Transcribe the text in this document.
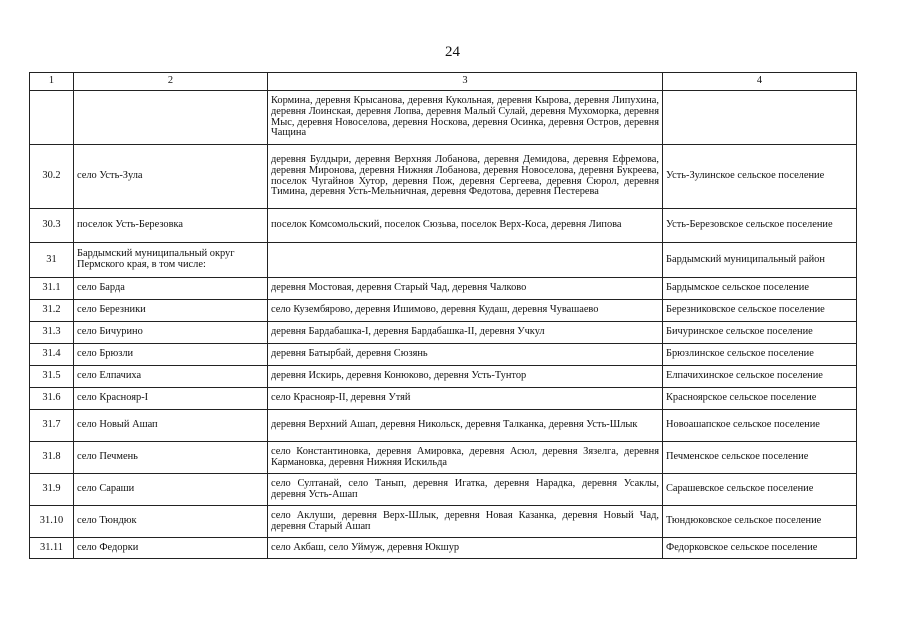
24
1	2	3	4
		Кормина, деревня Крысанова, деревня Кукольная, деревня Кырова, деревня Липухина, деревня Лоинская, деревня Лопва, деревня Малый Сулай, деревня Мухоморка, деревня Мыс, деревня Новоселова, деревня Носкова, деревня Осинка, деревня Остров, деревня Чащина	
30.2	село Усть-Зула	деревня Булдыри, деревня Верхняя Лобанова, деревня Демидова, деревня Ефремова, деревня Миронова, деревня Нижняя Лобанова, деревня Новоселова, деревня Букреева, поселок Чугайнов Хутор, деревня Пож, деревня Сергеева, деревня Сюрол, деревня Тимина, деревня Усть-Мельничная, деревня Федотова, деревня Пестерева	Усть-Зулинское сельское поселение
30.3	поселок Усть-Березовка	поселок Комсомольский, поселок Сюзьва, поселок Верх-Коса, деревня Липова	Усть-Березовское сельское поселение
31	Бардымский муниципальный округ Пермского края, в том числе:		Бардымский муниципальный район
31.1	село Барда	деревня Мостовая, деревня Старый Чад, деревня Чалково	Бардымское сельское поселение
31.2	село Березники	село Кузембярово, деревня Ишимово, деревня Кудаш, деревня Чувашаево	Березниковское сельское поселение
31.3	село Бичурино	деревня Бардабашка-I, деревня Бардабашка-II, деревня Учкул	Бичуринское сельское поселение
31.4	село Брюзли	деревня Батырбай, деревня Сюзянь	Брюзлинское сельское поселение
31.5	село Елпачиха	деревня Искирь, деревня Конюково, деревня Усть-Тунтор	Елпачихинское сельское поселение
31.6	село Краснояр-I	село Краснояр-II, деревня Утяй	Красноярское сельское поселение
31.7	село Новый Ашап	деревня Верхний Ашап, деревня Никольск, деревня Талканка, деревня Усть-Шлык	Новоашапское сельское поселение
31.8	село Печмень	село Константиновка, деревня Амировка, деревня Асюл, деревня Зязелга, деревня Кармановка, деревня Нижняя Искильда	Печменское сельское поселение
31.9	село Сараши	село Султанай, село Танып, деревня Игатка, деревня Нарадка, деревня Усаклы, деревня Усть-Ашап	Сарашевское сельское поселение
31.10	село Тюндюк	село Аклуши, деревня Верх-Шлык, деревня Новая Казанка, деревня Новый Чад, деревня Старый Ашап	Тюндюковское сельское поселение
31.11	село Федорки	село Акбаш, село Уймуж, деревня Юкшур	Федорковское сельское поселение
